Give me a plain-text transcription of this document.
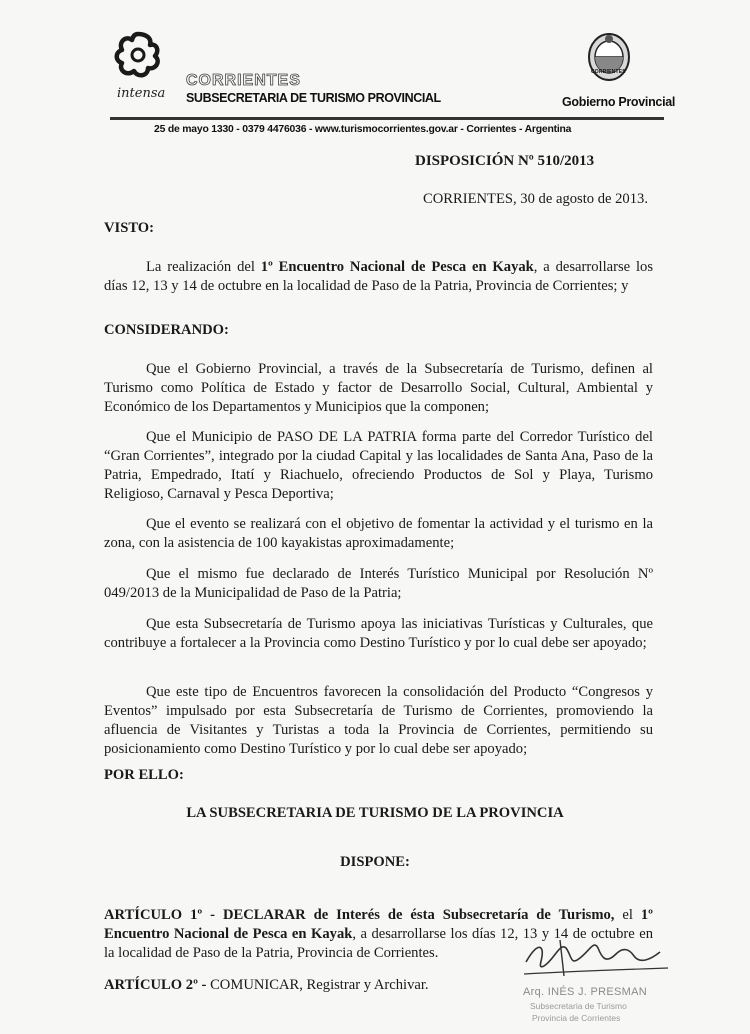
intensa
CORRIENTES
SUBSECRETARIA DE TURISMO PROVINCIAL
CORRIENTES
Gobierno Provincial
25 de mayo 1330 - 0379 4476036 - www.turismocorrientes.gov.ar - Corrientes - Argentina
DISPOSICIÓN Nº 510/2013
CORRIENTES, 30 de agosto de 2013.
VISTO:
La realización del 1º Encuentro Nacional de Pesca en Kayak, a desarrollarse los días 12, 13 y 14 de octubre en la localidad de Paso de la Patria, Provincia de Corrientes; y
CONSIDERANDO:
Que el Gobierno Provincial, a través de la Subsecretaría de Turismo, definen al Turismo como Política de Estado y factor de Desarrollo Social, Cultural, Ambiental y Económico de los Departamentos y Municipios que la componen;
Que el Municipio de PASO DE LA PATRIA forma parte del Corredor Turístico del “Gran Corrientes”, integrado por la ciudad Capital y las localidades de Santa Ana, Paso de la Patria, Empedrado, Itatí y Riachuelo, ofreciendo Productos de Sol y Playa, Turismo Religioso, Carnaval y Pesca Deportiva;
Que el evento se realizará con el objetivo de fomentar la actividad y el turismo en la zona, con la asistencia de 100 kayakistas aproximadamente;
Que el mismo fue declarado de Interés Turístico Municipal por Resolución Nº 049/2013 de la Municipalidad de Paso de la Patria;
Que esta Subsecretaría de Turismo apoya las iniciativas Turísticas y Culturales, que contribuye a fortalecer a la Provincia como Destino Turístico y por lo cual debe ser apoyado;
Que este tipo de Encuentros favorecen la consolidación del Producto “Congresos y Eventos” impulsado por esta Subsecretaría de Turismo de Corrientes, promoviendo la afluencia de Visitantes y Turistas a toda la Provincia de Corrientes, permitiendo su posicionamiento como Destino Turístico y por lo cual debe ser apoyado;
POR ELLO:
LA SUBSECRETARIA DE TURISMO DE LA PROVINCIA
DISPONE:
ARTÍCULO 1º - DECLARAR de Interés de ésta Subsecretaría de Turismo, el 1º Encuentro Nacional de Pesca en Kayak, a desarrollarse los días 12, 13 y 14 de octubre en la localidad de Paso de la Patria, Provincia de Corrientes.
ARTÍCULO 2º - COMUNICAR, Registrar y Archivar.	Arq. INÉS J. PRESMAN
Subsecretaria de Turismo
Provincia de Corrientes
